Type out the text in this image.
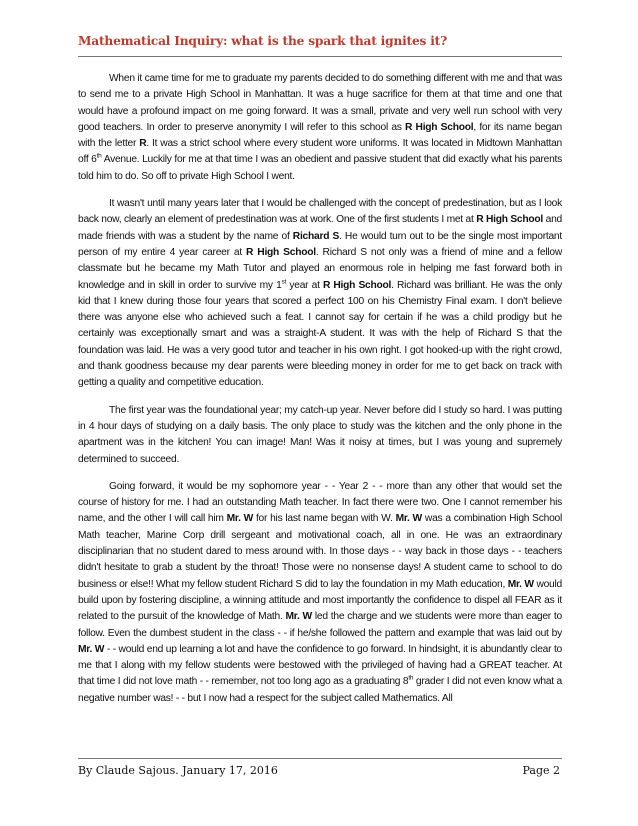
Mathematical Inquiry: what is the spark that ignites it?

When it came time for me to graduate my parents decided to do something different with me and that was to send me to a private High School in Manhattan. It was a huge sacrifice for them at that time and one that would have a profound impact on me going forward. It was a small, private and very well run school with very good teachers. In order to preserve anonymity I will refer to this school as R High School, for its name began with the letter R. It was a strict school where every student wore uniforms. It was located in Midtown Manhattan off 6th Avenue. Luckily for me at that time I was an obedient and passive student that did exactly what his parents told him to do. So off to private High School I went.

It wasn't until many years later that I would be challenged with the concept of predestination, but as I look back now, clearly an element of predestination was at work. One of the first students I met at R High School and made friends with was a student by the name of Richard S. He would turn out to be the single most important person of my entire 4 year career at R High School. Richard S not only was a friend of mine and a fellow classmate but he became my Math Tutor and played an enormous role in helping me fast forward both in knowledge and in skill in order to survive my 1st year at R High School. Richard was brilliant. He was the only kid that I knew during those four years that scored a perfect 100 on his Chemistry Final exam. I don't believe there was anyone else who achieved such a feat. I cannot say for certain if he was a child prodigy but he certainly was exceptionally smart and was a straight-A student. It was with the help of Richard S that the foundation was laid. He was a very good tutor and teacher in his own right. I got hooked-up with the right crowd, and thank goodness because my dear parents were bleeding money in order for me to get back on track with getting a quality and competitive education.

The first year was the foundational year; my catch-up year. Never before did I study so hard. I was putting in 4 hour days of studying on a daily basis. The only place to study was the kitchen and the only phone in the apartment was in the kitchen! You can image! Man! Was it noisy at times, but I was young and supremely determined to succeed.

Going forward, it would be my sophomore year - - Year 2 - - more than any other that would set the course of history for me. I had an outstanding Math teacher. In fact there were two. One I cannot remember his name, and the other I will call him Mr. W for his last name began with W. Mr. W was a combination High School Math teacher, Marine Corp drill sergeant and motivational coach, all in one. He was an extraordinary disciplinarian that no student dared to mess around with. In those days - - way back in those days - - teachers didn't hesitate to grab a student by the throat! Those were no nonsense days! A student came to school to do business or else!! What my fellow student Richard S did to lay the foundation in my Math education, Mr. W would build upon by fostering discipline, a winning attitude and most importantly the confidence to dispel all FEAR as it related to the pursuit of the knowledge of Math. Mr. W led the charge and we students were more than eager to follow. Even the dumbest student in the class - - if he/she followed the pattern and example that was laid out by Mr. W - - would end up learning a lot and have the confidence to go forward. In hindsight, it is abundantly clear to me that I along with my fellow students were bestowed with the privileged of having had a GREAT teacher. At that time I did not love math - - remember, not too long ago as a graduating 8th grader I did not even know what a negative number was! - - but I now had a respect for the subject called Mathematics. All

By Claude Sajous. January 17, 2016	Page 2
